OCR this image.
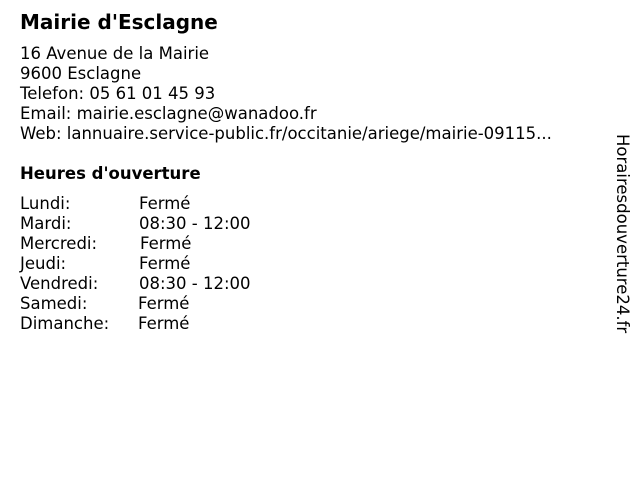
Mairie d'Esclagne
16 Avenue de la Mairie
9600 Esclagne
Telefon: 05 61 01 45 93
Email: mairie.esclagne@wanadoo.fr
Web: lannuaire.service-public.fr/occitanie/ariege/mairie-09115...
Heures d'ouverture
Lundi:	Fermé
Mardi:	08:30 - 12:00
Mercredi:	Fermé
Jeudi:	Fermé
Vendredi: 08:30 - 12:00
Samedi:	Fermé
Dimanche: Fermé	Horairesdouverture24.fr
